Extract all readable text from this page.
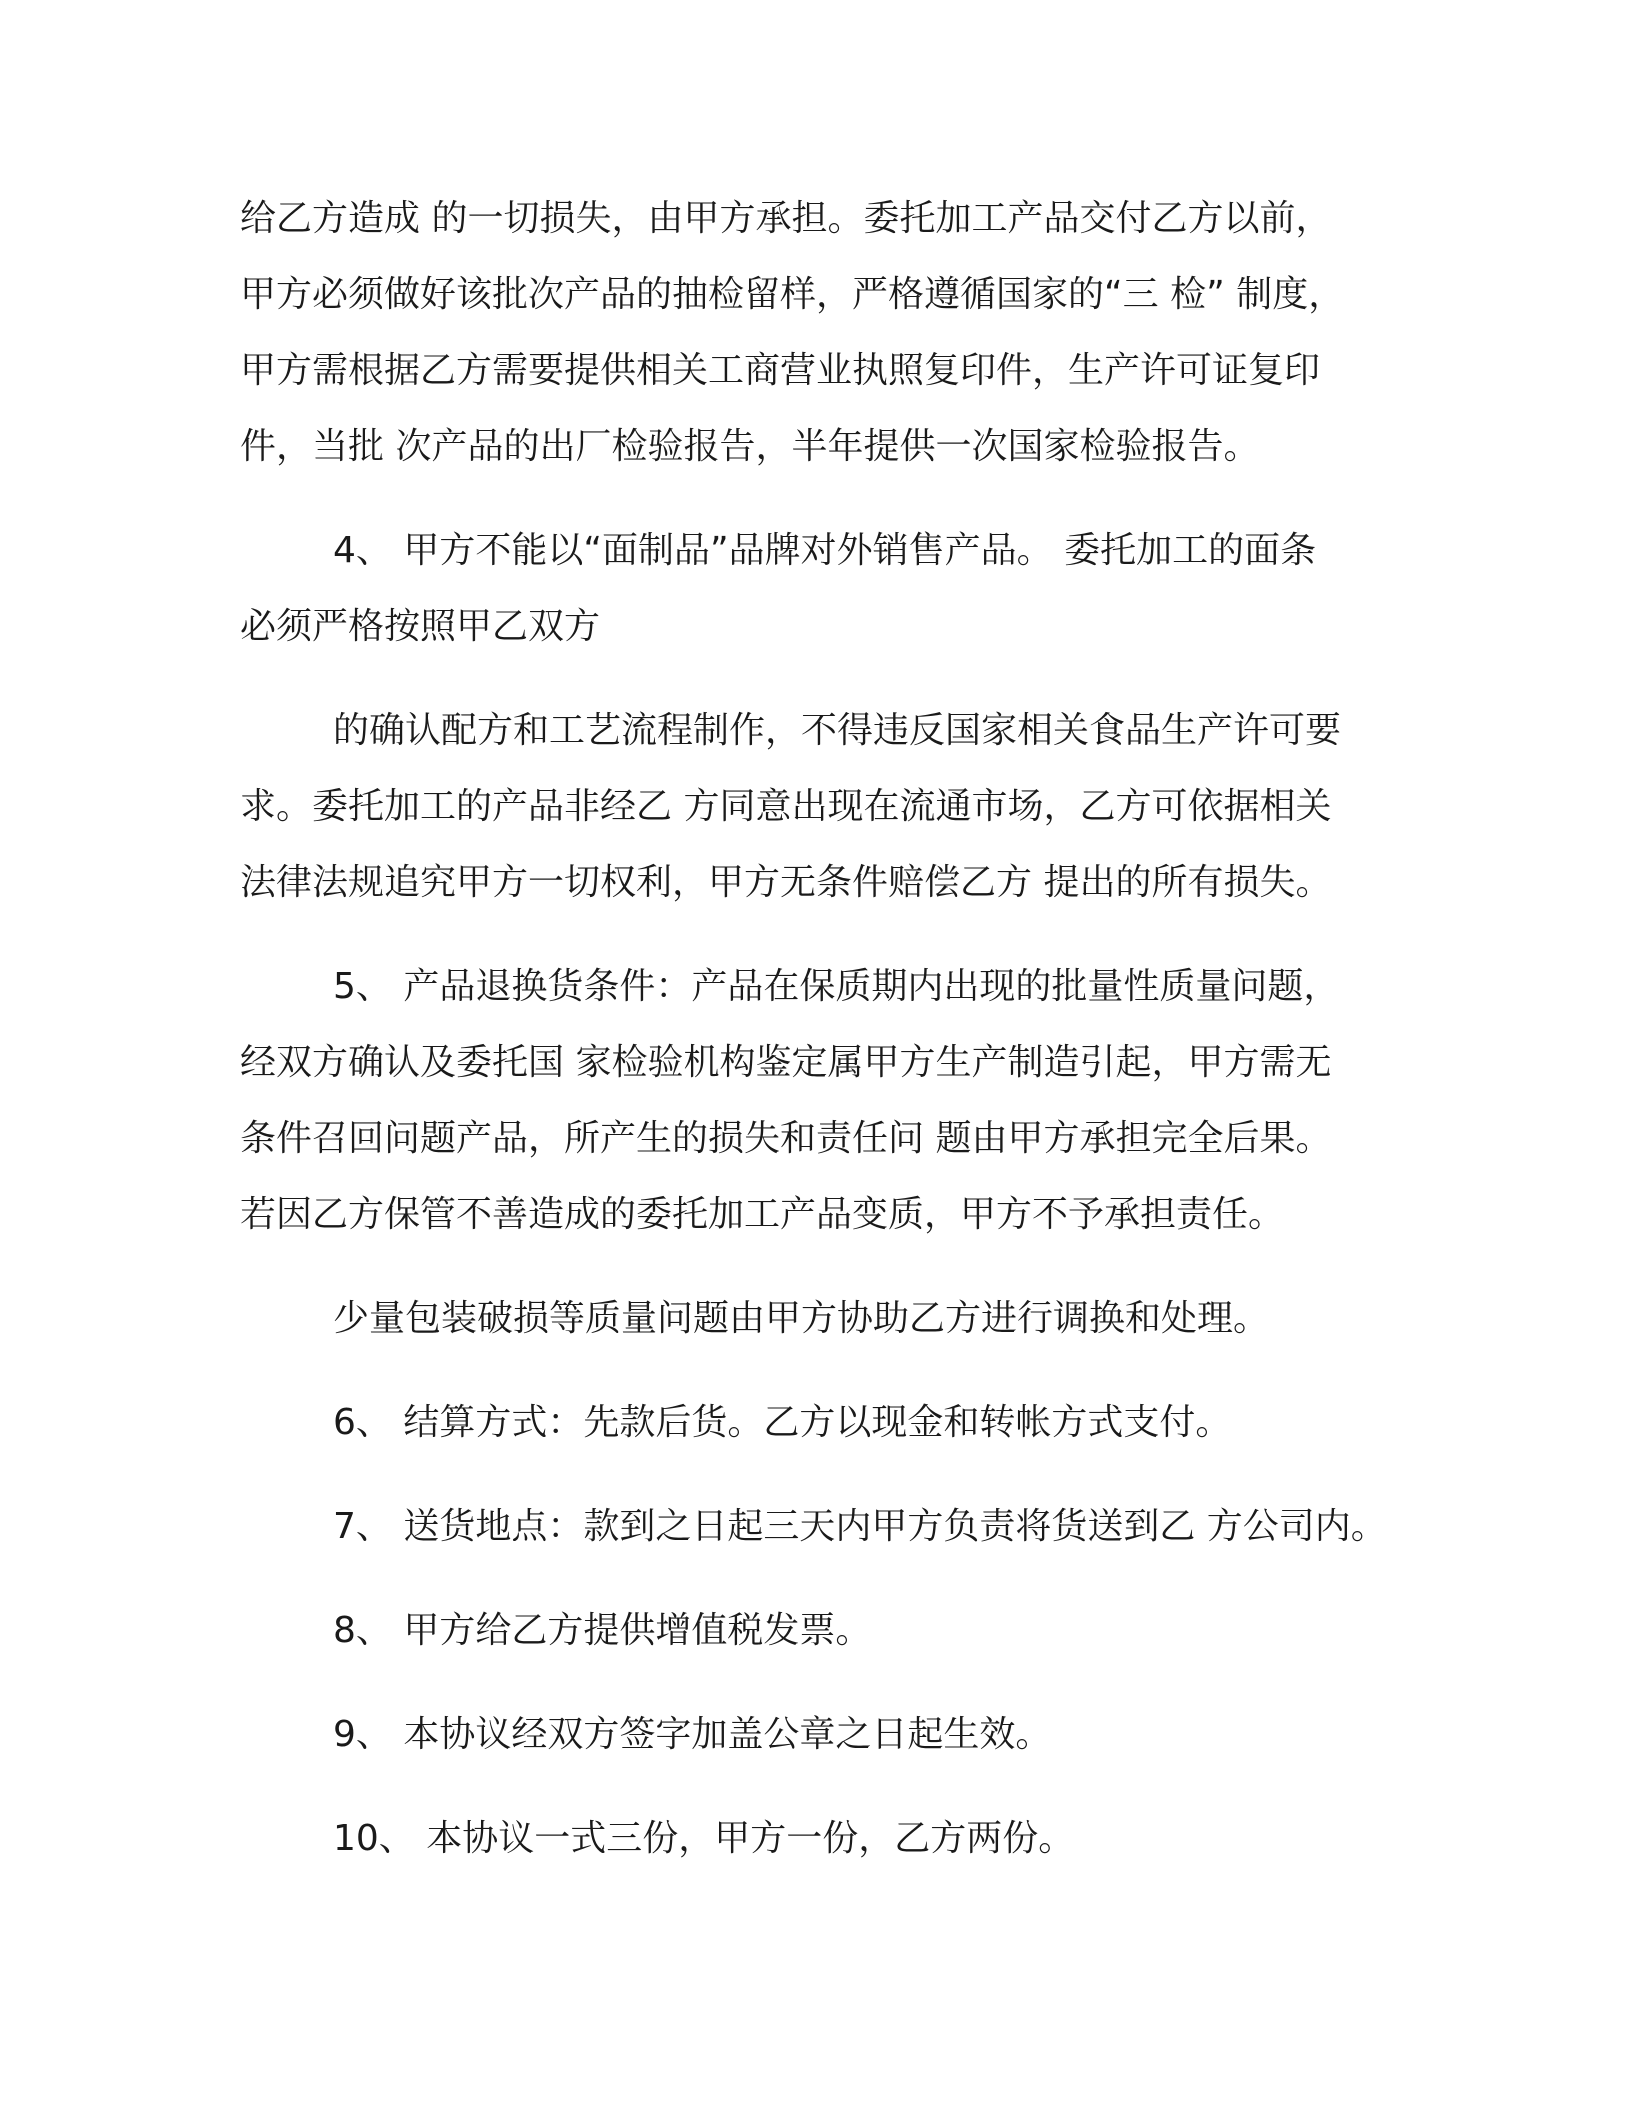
给乙方造成 的一切损失，由甲方承担。委托加工产品交付乙方以前，
甲方必须做好该批次产品的抽检留样，严格遵循国家的“三 检” 制度，
甲方需根据乙方需要提供相关工商营业执照复印件，生产许可证复印
件，当批 次产品的出厂检验报告，半年提供一次国家检验报告。
4、 甲方不能以“面制品”品牌对外销售产品。 委托加工的面条
必须严格按照甲乙双方
的确认配方和工艺流程制作，不得违反国家相关食品生产许可要
求。委托加工的产品非经乙 方同意出现在流通市场，乙方可依据相关
法律法规追究甲方一切权利，甲方无条件赔偿乙方 提出的所有损失。
5、 产品退换货条件：产品在保质期内出现的批量性质量问题，
经双方确认及委托国 家检验机构鉴定属甲方生产制造引起，甲方需无
条件召回问题产品，所产生的损失和责任问 题由甲方承担完全后果。
若因乙方保管不善造成的委托加工产品变质，甲方不予承担责任。
少量包装破损等质量问题由甲方协助乙方进行调换和处理。
6、 结算方式：先款后货。乙方以现金和转帐方式支付。
7、 送货地点：款到之日起三天内甲方负责将货送到乙 方公司内。
8、 甲方给乙方提供增值税发票。
9、 本协议经双方签字加盖公章之日起生效。
10、 本协议一式三份，甲方一份，乙方两份。
